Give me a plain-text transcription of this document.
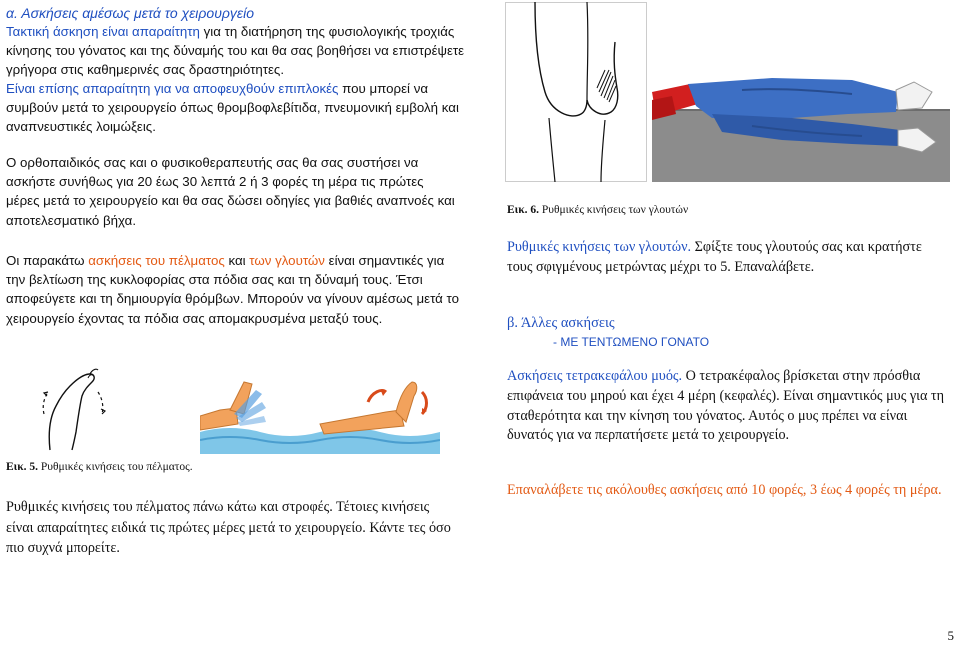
α. Ασκήσεις αμέσως μετά το χειρουργείο

Τακτική άσκηση είναι απαραίτητη για τη διατήρηση της φυσιολογικής τροχιάς κίνησης του γόνατος και της δύναμής του και θα σας βοηθήσει να επιστρέψετε γρήγορα στις καθημερινές σας δραστηριότητες.

Είναι επίσης απαραίτητη για να αποφευχθούν επιπλοκές που μπορεί να συμβούν μετά το χειρουργείο όπως θρομβοφλεβίτιδα, πνευμονική εμβολή και αναπνευστικές λοιμώξεις.

Ο ορθοπαιδικός σας και ο φυσικοθεραπευτής σας θα σας συστήσει να ασκήστε συνήθως για 20 έως 30 λεπτά 2 ή 3 φορές τη μέρα τις πρώτες μέρες μετά το χειρουργείο και θα σας δώσει οδηγίες για βαθιές αναπνοές και αποτελεσματικό βήχα.

Οι παρακάτω ασκήσεις του πέλματος και των γλουτών είναι σημαντικές για την βελτίωση της κυκλοφορίας στα πόδια σας και τη δύναμή τους. Έτσι αποφεύγετε και τη δημιουργία θρόμβων. Μπορούν να γίνουν αμέσως μετά το χειρουργείο έχοντας τα πόδια σας απομακρυσμένα μεταξύ τους.

Εικ. 5. Ρυθμικές κινήσεις του πέλματος.

Ρυθμικές κινήσεις του πέλματος πάνω κάτω και στροφές. Τέτοιες κινήσεις είναι απαραίτητες ειδικά τις πρώτες μέρες μετά το χειρουργείο. Κάντε τες όσο πιο συχνά μπορείτε.

Εικ. 6. Ρυθμικές κινήσεις των γλουτών

Ρυθμικές κινήσεις των γλουτών. Σφίξτε τους γλουτούς σας και κρατήστε τους σφιγμένους μετρώντας μέχρι το 5. Επαναλάβετε.

β. Άλλες ασκήσεις

- ΜΕ ΤΕΝΤΩΜΕΝΟ ΓΟΝΑΤΟ

Ασκήσεις τετρακεφάλου μυός. Ο τετρακέφαλος βρίσκεται στην πρόσθια επιφάνεια του μηρού και έχει 4 μέρη (κεφαλές). Είναι σημαντικός μυς για τη σταθερότητα και την κίνηση του γόνατος. Αυτός ο μυς πρέπει να είναι δυνατός για να περπατήσετε μετά το χειρουργείο.

Επαναλάβετε τις ακόλουθες ασκήσεις από 10 φορές, 3 έως 4 φορές τη μέρα.

5
